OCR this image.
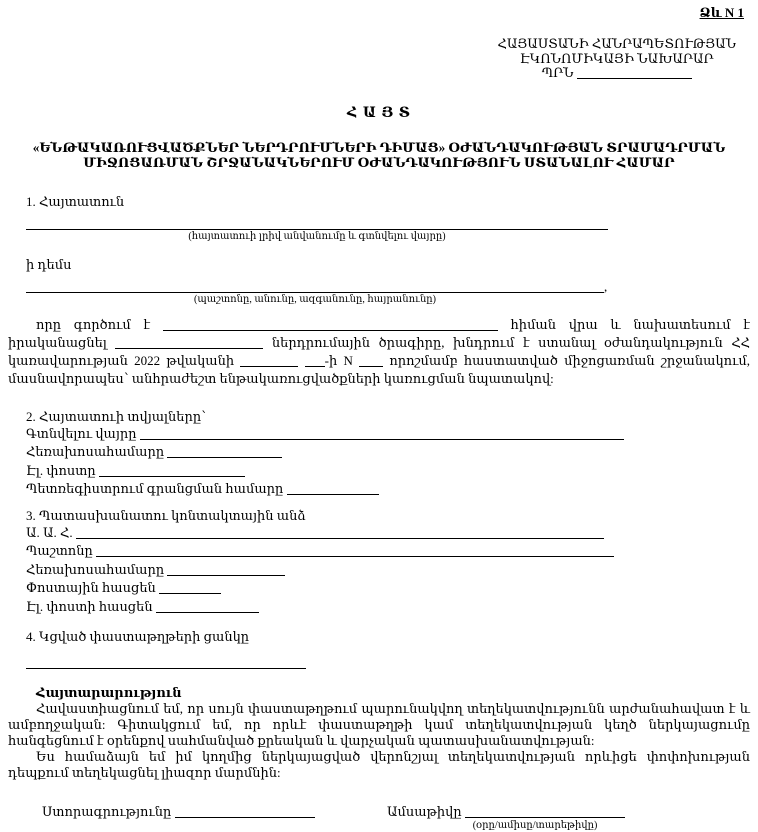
Ձև N 1
ՀԱՅԱՍՏԱՆԻ ՀԱՆՐԱՊԵՏՈՒԹՅԱՆ
ԷԿՈՆՈՄԻԿԱՅԻ ՆԱԽԱՐԱՐ
ՊՐՆ
Հ Ա Յ Տ
«ԵՆԹԱԿԱՌՈՒՑՎԱԾՔՆԵՐ ՆԵՐԴՐՈՒՄՆԵՐԻ ԴԻՄԱՑ» ՕԺԱՆԴԱԿՈՒԹՅԱՆ ՏՐԱՄԱԴՐՄԱՆ
ՄԻՋՈՑԱՌՄԱՆ ՇՐՋԱՆԱԿՆԵՐՈՒՄ ՕԺԱՆԴԱԿՈՒԹՅՈՒՆ ՍՏԱՆԱԼՈՒ ՀԱՄԱՐ
1. Հայտատուն
(հայտատուի լրիվ անվանումը և գտնվելու վայրը)
ի դեմս
,
(պաշտոնը, անունը, ազգանունը, հայրանունը)

որը գործում է	հիման վրա և նախատեսում է իրականացնել	ներդրումային ծրագիրը, խնդրում է ստանալ օժանդակություն ՀՀ կառավարության 2022 թվականի	-ի N	որոշմամբ հաստատված միջոցառման շրջանակում, մասնավորապես՝ անհրաժեշտ ենթակառուցվածքների կառուցման նպատակով:

2. Հայտատուի տվյալները՝
Գտնվելու վայրը
Հեռախոսահամարը
Էլ. փոստը
Պետռեգիստրում գրանցման համարը
3. Պատասխանատու կոնտակտային անձ
Ա. Ա. Հ.
Պաշտոնը
Հեռախոսահամարը
Փոստային հասցեն
Էլ. փոստի հասցեն
4. Կցված փաստաթղթերի ցանկը
Հայտարարություն

Հավաստիացնում եմ, որ սույն փաստաթղթում պարունակվող տեղեկատվությունն արժանահավատ է և ամբողջական: Գիտակցում եմ, որ որևէ փաստաթղթի կամ տեղեկատվության կեղծ ներկայացումը հանգեցնում է օրենքով սահմանված քրեական և վարչական պատասխանատվության:

Ես համաձայն եմ իմ կողմից ներկայացված վերոնշյալ տեղեկատվության որևիցե փոփոխության դեպքում տեղեկացնել լիազոր մարմնին:

Ստորագրությունը	Ամսաթիվը
(օրը/ամիսը/տարեթիվը)
